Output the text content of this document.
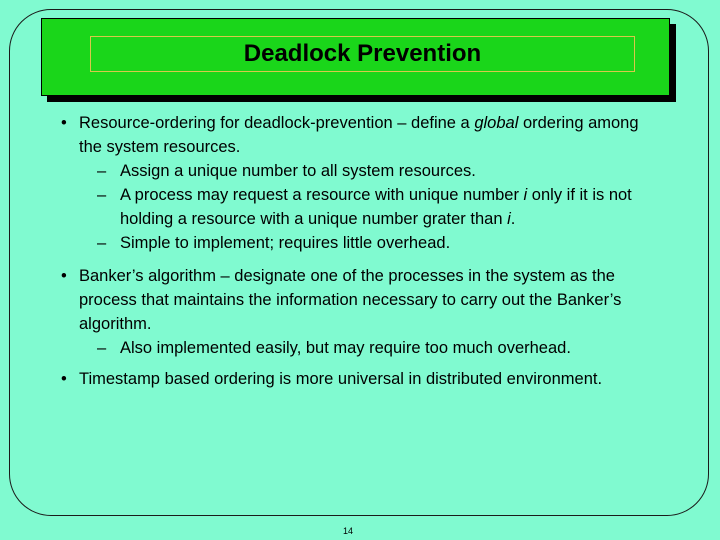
Deadlock Prevention
• Resource-ordering for deadlock-prevention – define a global ordering among the system resources.
– Assign a unique number to all system resources.
– A process may request a resource with unique number i only if it is not holding a resource with a unique number grater than i.
– Simple to implement; requires little overhead.
• Banker’s algorithm – designate one of the processes in the system as the process that maintains the information necessary to carry out the Banker’s algorithm.
– Also implemented easily, but may require too much overhead.
• Timestamp based ordering is more universal in distributed environment.
14
